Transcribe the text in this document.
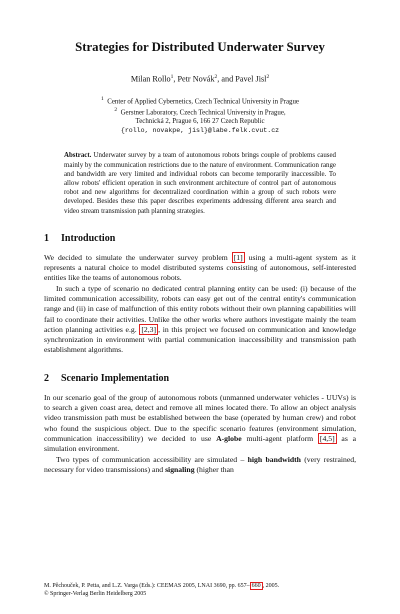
Strategies for Distributed Underwater Survey
Milan Rollo$^1$, Petr Novák$^2$, and Pavel Jisl$^2$
$^1$ Center of Applied Cybernetics, Czech Technical University in Prague
$^2$ Gerstner Laboratory, Czech Technical University in Prague,
Technická 2, Prague 6, 166 27 Czech Republic
{rollo, novakpe, jisl}@labe.felk.cvut.cz
Abstract. Underwater survey by a team of autonomous robots brings couple of problems caused mainly by the communication restrictions due to the nature of environment. Communication range and bandwidth are very limited and individual robots can become temporarily inaccessible. To allow robots' efficient operation in such environment architecture of control part of autonomous robot and new algorithms for decentralized coordination within a group of such robots were developed. Besides these this paper describes experiments addressing different area search and video stream transmission path planning strategies.
1 Introduction

We decided to simulate the underwater survey problem [1] using a multi-agent system as it represents a natural choice to model distributed systems consisting of autonomous, self-interested entities like the teams of autonomous robots.

In such a type of scenario no dedicated central planning entity can be used: (i) because of the limited communication accessibility, robots can easy get out of the central entity's communication range and (ii) in case of malfunction of this entity robots without their own planning capabilities will fail to coordinate their activities. Unlike the other works where authors investigate mainly the team action planning activities e.g. [2,3] , in this project we focused on communication and knowledge synchronization in environment with partial communication inaccessibility and transmission path establishment algorithms.

2 Scenario Implementation

In our scenario goal of the group of autonomous robots (unmanned underwater vehicles - UUVs) is to search a given coast area, detect and remove all mines located there. To allow an object analysis video transmission path must be established between the base (operated by human crew) and robot who found the suspicious object. Due to the specific scenario features (environment simulation, communication inaccessibility) we decided to use A-globe multi-agent platform [4,5] as a simulation environment.

Two types of communication accessibility are simulated – high bandwidth (very restrained, necessary for video transmissions) and signaling (higher than

M. Pěchouček, P. Petta, and L.Z. Varga (Eds.): CEEMAS 2005, LNAI 3690, pp. 657– 660 , 2005.
© Springer-Verlag Berlin Heidelberg 2005
